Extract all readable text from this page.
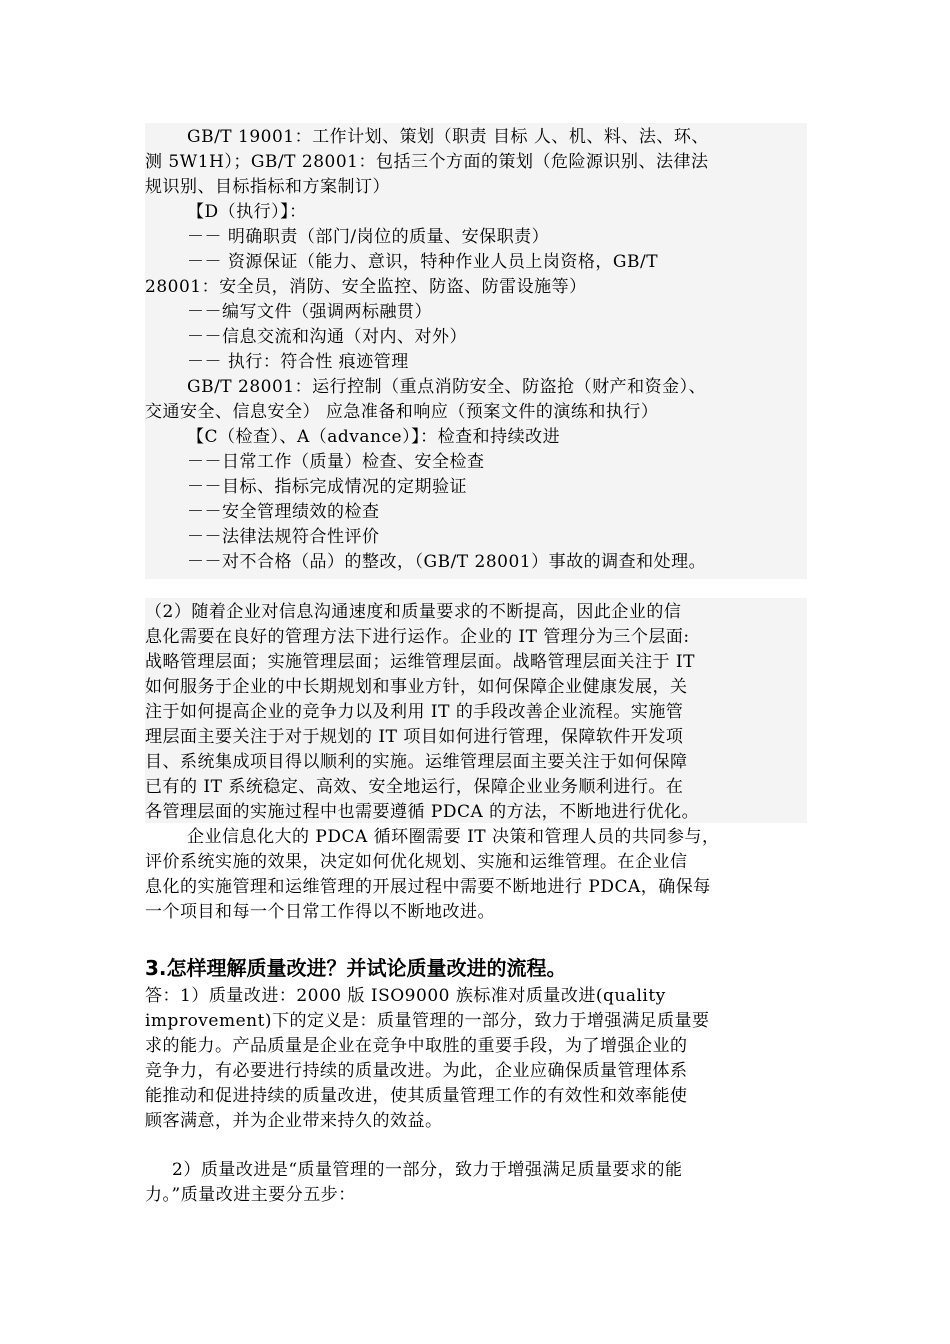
GB/T 19001：工作计划、策划（职责 目标 人、机、料、法、环、
测 5W1H）；GB/T 28001：包括三个方面的策划（危险源识别、法律法
规识别、目标指标和方案制订）
【D（执行）】：
－－ 明确职责（部门/岗位的质量、安保职责）
－－ 资源保证（能力、意识，特种作业人员上岗资格，GB/T
28001：安全员，消防、安全监控、防盗、防雷设施等）
－－编写文件（强调两标融贯）
－－信息交流和沟通（对内、对外）
－－ 执行：符合性 痕迹管理
GB/T 28001：运行控制（重点消防安全、防盗抢（财产和资金）、
交通安全、信息安全） 应急准备和响应（预案文件的演练和执行）
【C（检查）、A（advance）】：检查和持续改进
－－日常工作（质量）检查、安全检查
－－目标、指标完成情况的定期验证
－－安全管理绩效的检查
－－法律法规符合性评价
－－对不合格（品）的整改，（GB/T 28001）事故的调查和处理。
（2）随着企业对信息沟通速度和质量要求的不断提高，因此企业的信
息化需要在良好的管理方法下进行运作。企业的 IT 管理分为三个层面:
战略管理层面；实施管理层面；运维管理层面。战略管理层面关注于 IT
如何服务于企业的中长期规划和事业方针，如何保障企业健康发展，关
注于如何提高企业的竞争力以及利用 IT 的手段改善企业流程。实施管
理层面主要关注于对于规划的 IT 项目如何进行管理，保障软件开发项
目、系统集成项目得以顺利的实施。运维管理层面主要关注于如何保障
已有的 IT 系统稳定、高效、安全地运行，保障企业业务顺利进行。在
各管理层面的实施过程中也需要遵循 PDCA 的方法，不断地进行优化。
企业信息化大的 PDCA 循环圈需要 IT 决策和管理人员的共同参与，
评价系统实施的效果，决定如何优化规划、实施和运维管理。在企业信
息化的实施管理和运维管理的开展过程中需要不断地进行 PDCA，确保每
一个项目和每一个日常工作得以不断地改进。
3.怎样理解质量改进？并试论质量改进的流程。
答：1）质量改进：2000 版 ISO9000 族标准对质量改进(quality
improvement)下的定义是：质量管理的一部分，致力于增强满足质量要
求的能力。产品质量是企业在竞争中取胜的重要手段，为了增强企业的
竞争力，有必要进行持续的质量改进。为此，企业应确保质量管理体系
能推动和促进持续的质量改进，使其质量管理工作的有效性和效率能使
顾客满意，并为企业带来持久的效益。
2）质量改进是“质量管理的一部分，致力于增强满足质量要求的能
力。”质量改进主要分五步：
